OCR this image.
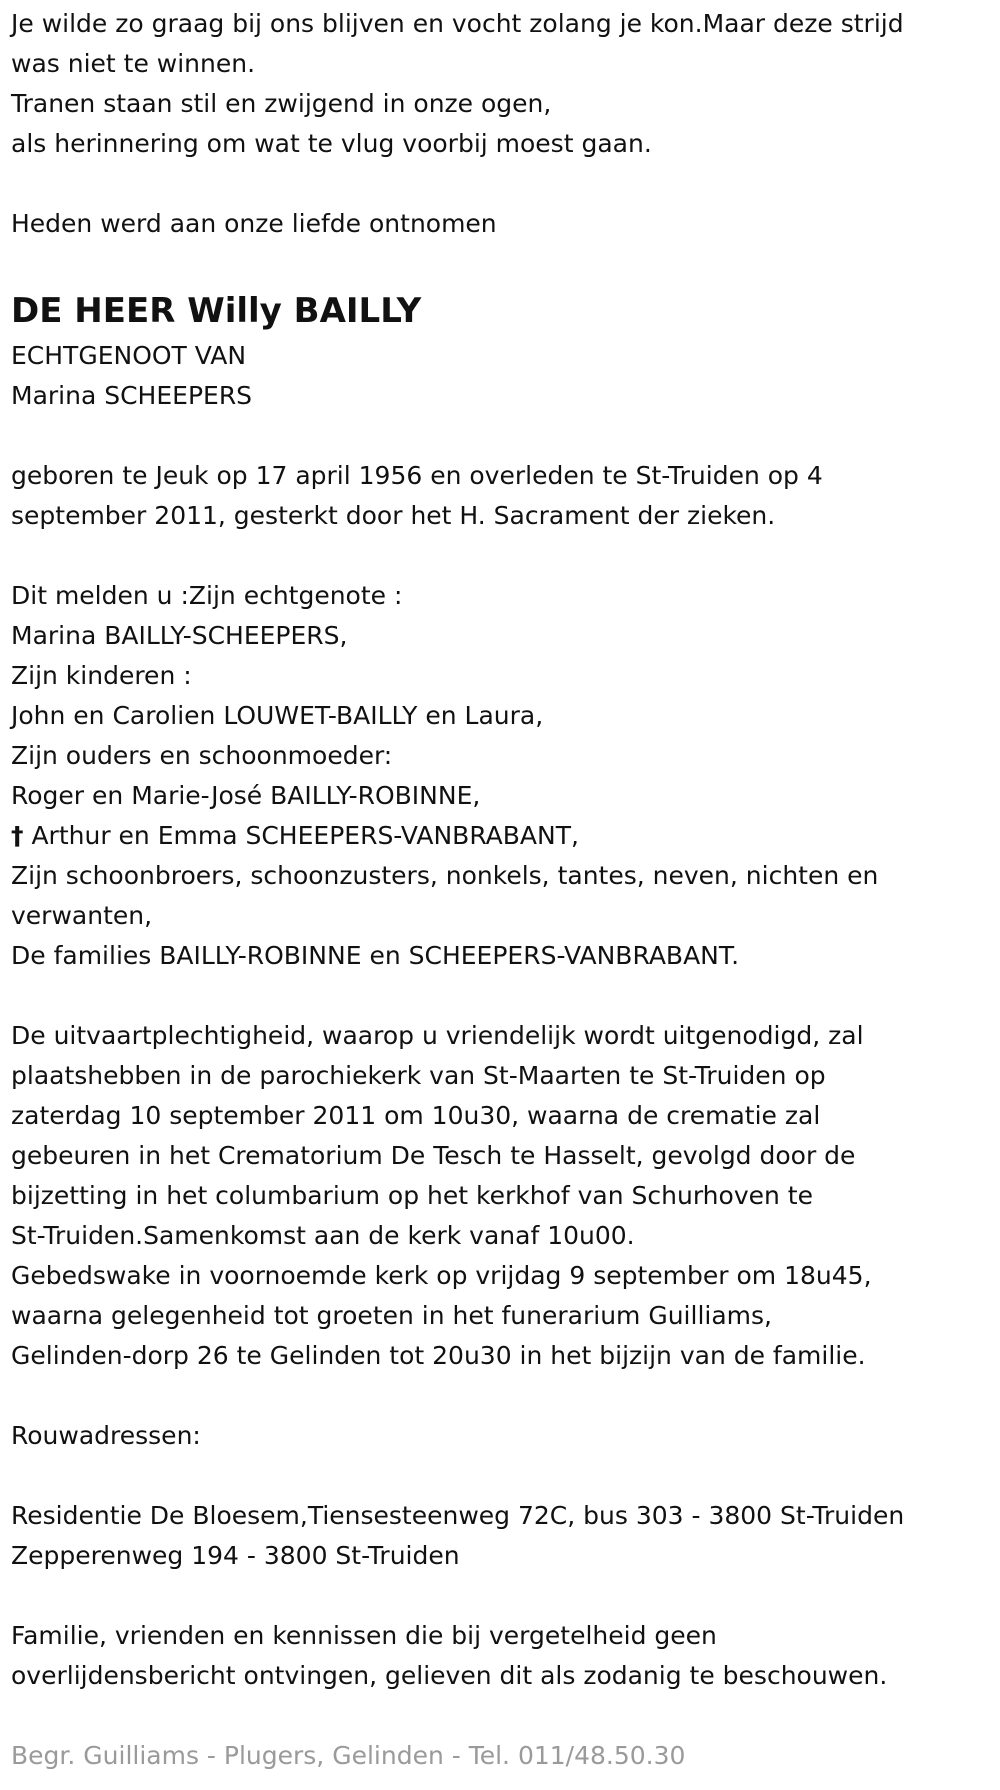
Je wilde zo graag bij ons blijven en vocht zolang je kon.Maar deze strijd
was niet te winnen.
Tranen staan stil en zwijgend in onze ogen,
als herinnering om wat te vlug voorbij moest gaan.
Heden werd aan onze liefde ontnomen
DE HEER Willy BAILLY
ECHTGENOOT VAN
Marina SCHEEPERS
geboren te Jeuk op 17 april 1956 en overleden te St-Truiden op 4
september 2011, gesterkt door het H. Sacrament der zieken.
Dit melden u :Zijn echtgenote :
Marina BAILLY-SCHEEPERS,
Zijn kinderen :
John en Carolien LOUWET-BAILLY en Laura,
Zijn ouders en schoonmoeder:
Roger en Marie-José BAILLY-ROBINNE,
† Arthur en Emma SCHEEPERS-VANBRABANT,
Zijn schoonbroers, schoonzusters, nonkels, tantes, neven, nichten en
verwanten,
De families BAILLY-ROBINNE en SCHEEPERS-VANBRABANT.
De uitvaartplechtigheid, waarop u vriendelijk wordt uitgenodigd, zal
plaatshebben in de parochiekerk van St-Maarten te St-Truiden op
zaterdag 10 september 2011 om 10u30, waarna de crematie zal
gebeuren in het Crematorium De Tesch te Hasselt, gevolgd door de
bijzetting in het columbarium op het kerkhof van Schurhoven te
St-Truiden.Samenkomst aan de kerk vanaf 10u00.
Gebedswake in voornoemde kerk op vrijdag 9 september om 18u45,
waarna gelegenheid tot groeten in het funerarium Guilliams,
Gelinden-dorp 26 te Gelinden tot 20u30 in het bijzijn van de familie.
Rouwadressen:
Residentie De Bloesem,Tiensesteenweg 72C, bus 303 - 3800 St-Truiden
Zepperenweg 194 - 3800 St-Truiden
Familie, vrienden en kennissen die bij vergetelheid geen
overlijdensbericht ontvingen, gelieven dit als zodanig te beschouwen.
Begr. Guilliams - Plugers, Gelinden - Tel. 011/48.50.30
